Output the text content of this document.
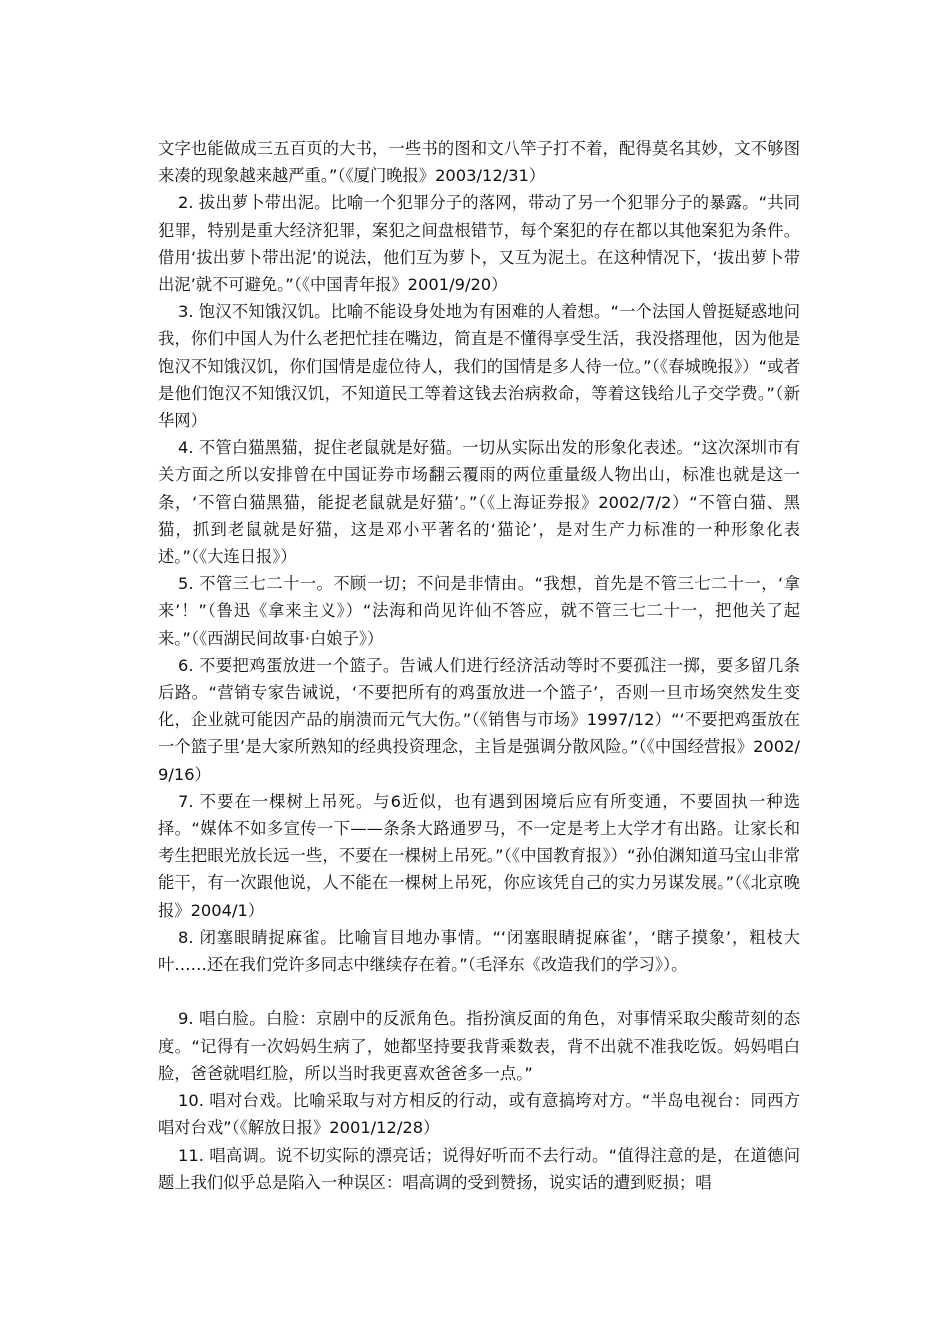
文字也能做成三五百页的大书，一些书的图和文八竿子打不着，配得莫名其妙，文不够图来凑的现象越来越严重。”（《厦门晚报》2003/12/31）

2. 拔出萝卜带出泥。比喻一个犯罪分子的落网，带动了另一个犯罪分子的暴露。“共同犯罪，特别是重大经济犯罪，案犯之间盘根错节，每个案犯的存在都以其他案犯为条件。借用‘拔出萝卜带出泥’的说法，他们互为萝卜，又互为泥土。在这种情况下，‘拔出萝卜带出泥’就不可避免。”（《中国青年报》2001/9/20）

3. 饱汉不知饿汉饥。比喻不能设身处地为有困难的人着想。“一个法国人曾挺疑惑地问我，你们中国人为什么老把忙挂在嘴边，简直是不懂得享受生活，我没搭理他，因为他是饱汉不知饿汉饥，你们国情是虚位待人，我们的国情是多人待一位。”（《春城晚报》）“或者是他们饱汉不知饿汉饥，不知道民工等着这钱去治病救命，等着这钱给儿子交学费。”（新华网）

4. 不管白猫黑猫，捉住老鼠就是好猫。一切从实际出发的形象化表述。“这次深圳市有关方面之所以安排曾在中国证券市场翻云覆雨的两位重量级人物出山，标准也就是这一条，‘不管白猫黑猫，能捉老鼠就是好猫’。”（《上海证券报》2002/7/2）“不管白猫、黑猫，抓到老鼠就是好猫，这是邓小平著名的‘猫论’，是对生产力标准的一种形象化表述。”（《大连日报》）

5. 不管三七二十一。不顾一切；不问是非情由。“我想，首先是不管三七二十一，‘拿来’！”（鲁迅《拿来主义》）“法海和尚见许仙不答应，就不管三七二十一，把他关了起来。”（《西湖民间故事·白娘子》）

6. 不要把鸡蛋放进一个篮子。告诫人们进行经济活动等时不要孤注一掷，要多留几条后路。“营销专家告诫说，‘不要把所有的鸡蛋放进一个篮子’，否则一旦市场突然发生变化，企业就可能因产品的崩溃而元气大伤。”（《销售与市场》1997/12）“‘不要把鸡蛋放在一个篮子里’是大家所熟知的经典投资理念，主旨是强调分散风险。”（《中国经营报》2002/9/16）

7. 不要在一棵树上吊死。与6近似，也有遇到困境后应有所变通，不要固执一种选择。“媒体不如多宣传一下——条条大路通罗马，不一定是考上大学才有出路。让家长和考生把眼光放长远一些，不要在一棵树上吊死。”（《中国教育报》）“孙伯渊知道马宝山非常能干，有一次跟他说，人不能在一棵树上吊死，你应该凭自己的实力另谋发展。”（《北京晚报》2004/1）

8. 闭塞眼睛捉麻雀。比喻盲目地办事情。“‘闭塞眼睛捉麻雀’，‘瞎子摸象’，粗枝大叶……还在我们党许多同志中继续存在着。”（毛泽东《改造我们的学习》）。

9. 唱白脸。白脸：京剧中的反派角色。指扮演反面的角色，对事情采取尖酸苛刻的态度。“记得有一次妈妈生病了，她都坚持要我背乘数表，背不出就不准我吃饭。妈妈唱白脸，爸爸就唱红脸，所以当时我更喜欢爸爸多一点。”

10. 唱对台戏。比喻采取与对方相反的行动，或有意搞垮对方。“半岛电视台：同西方唱对台戏”（《解放日报》2001/12/28）

11. 唱高调。说不切实际的漂亮话；说得好听而不去行动。“值得注意的是，在道德问题上我们似乎总是陷入一种误区：唱高调的受到赞扬，说实话的遭到贬损；唱
